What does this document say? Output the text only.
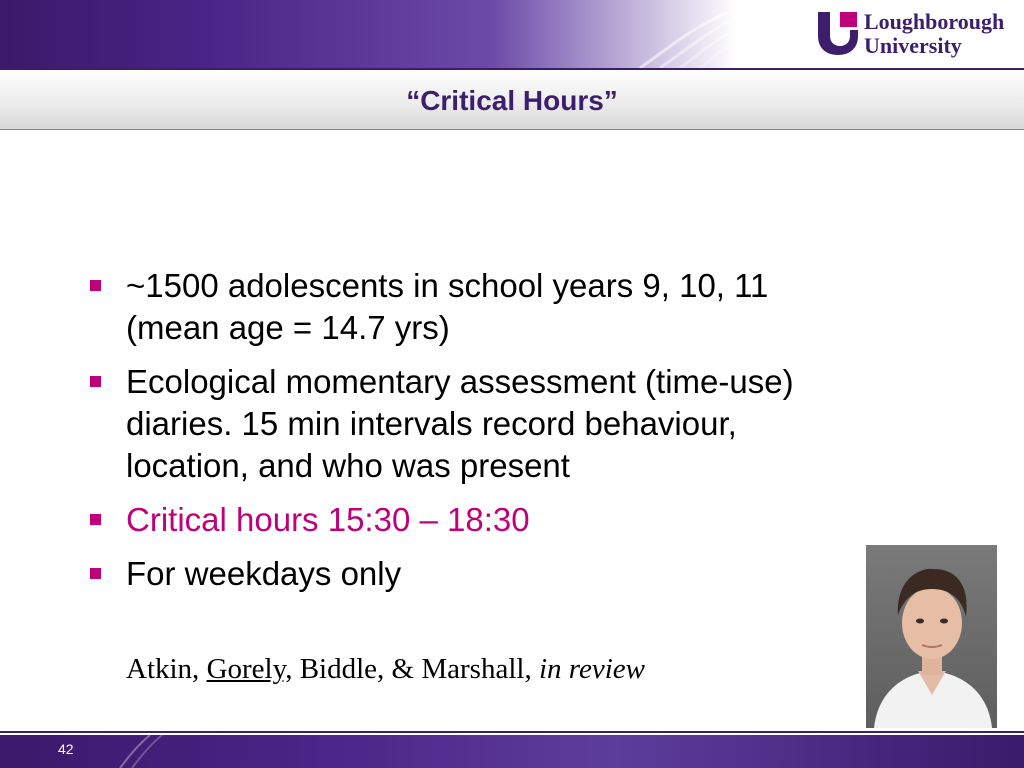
Loughborough
University
“Critical Hours”
~1500 adolescents in school years 9, 10, 11 (mean age = 14.7 yrs)
Ecological momentary assessment (time-use) diaries. 15 min intervals record behaviour, location, and who was present
Critical hours 15:30 – 18:30
For weekdays only
Atkin, Gorely, Biddle, & Marshall, in review
42
